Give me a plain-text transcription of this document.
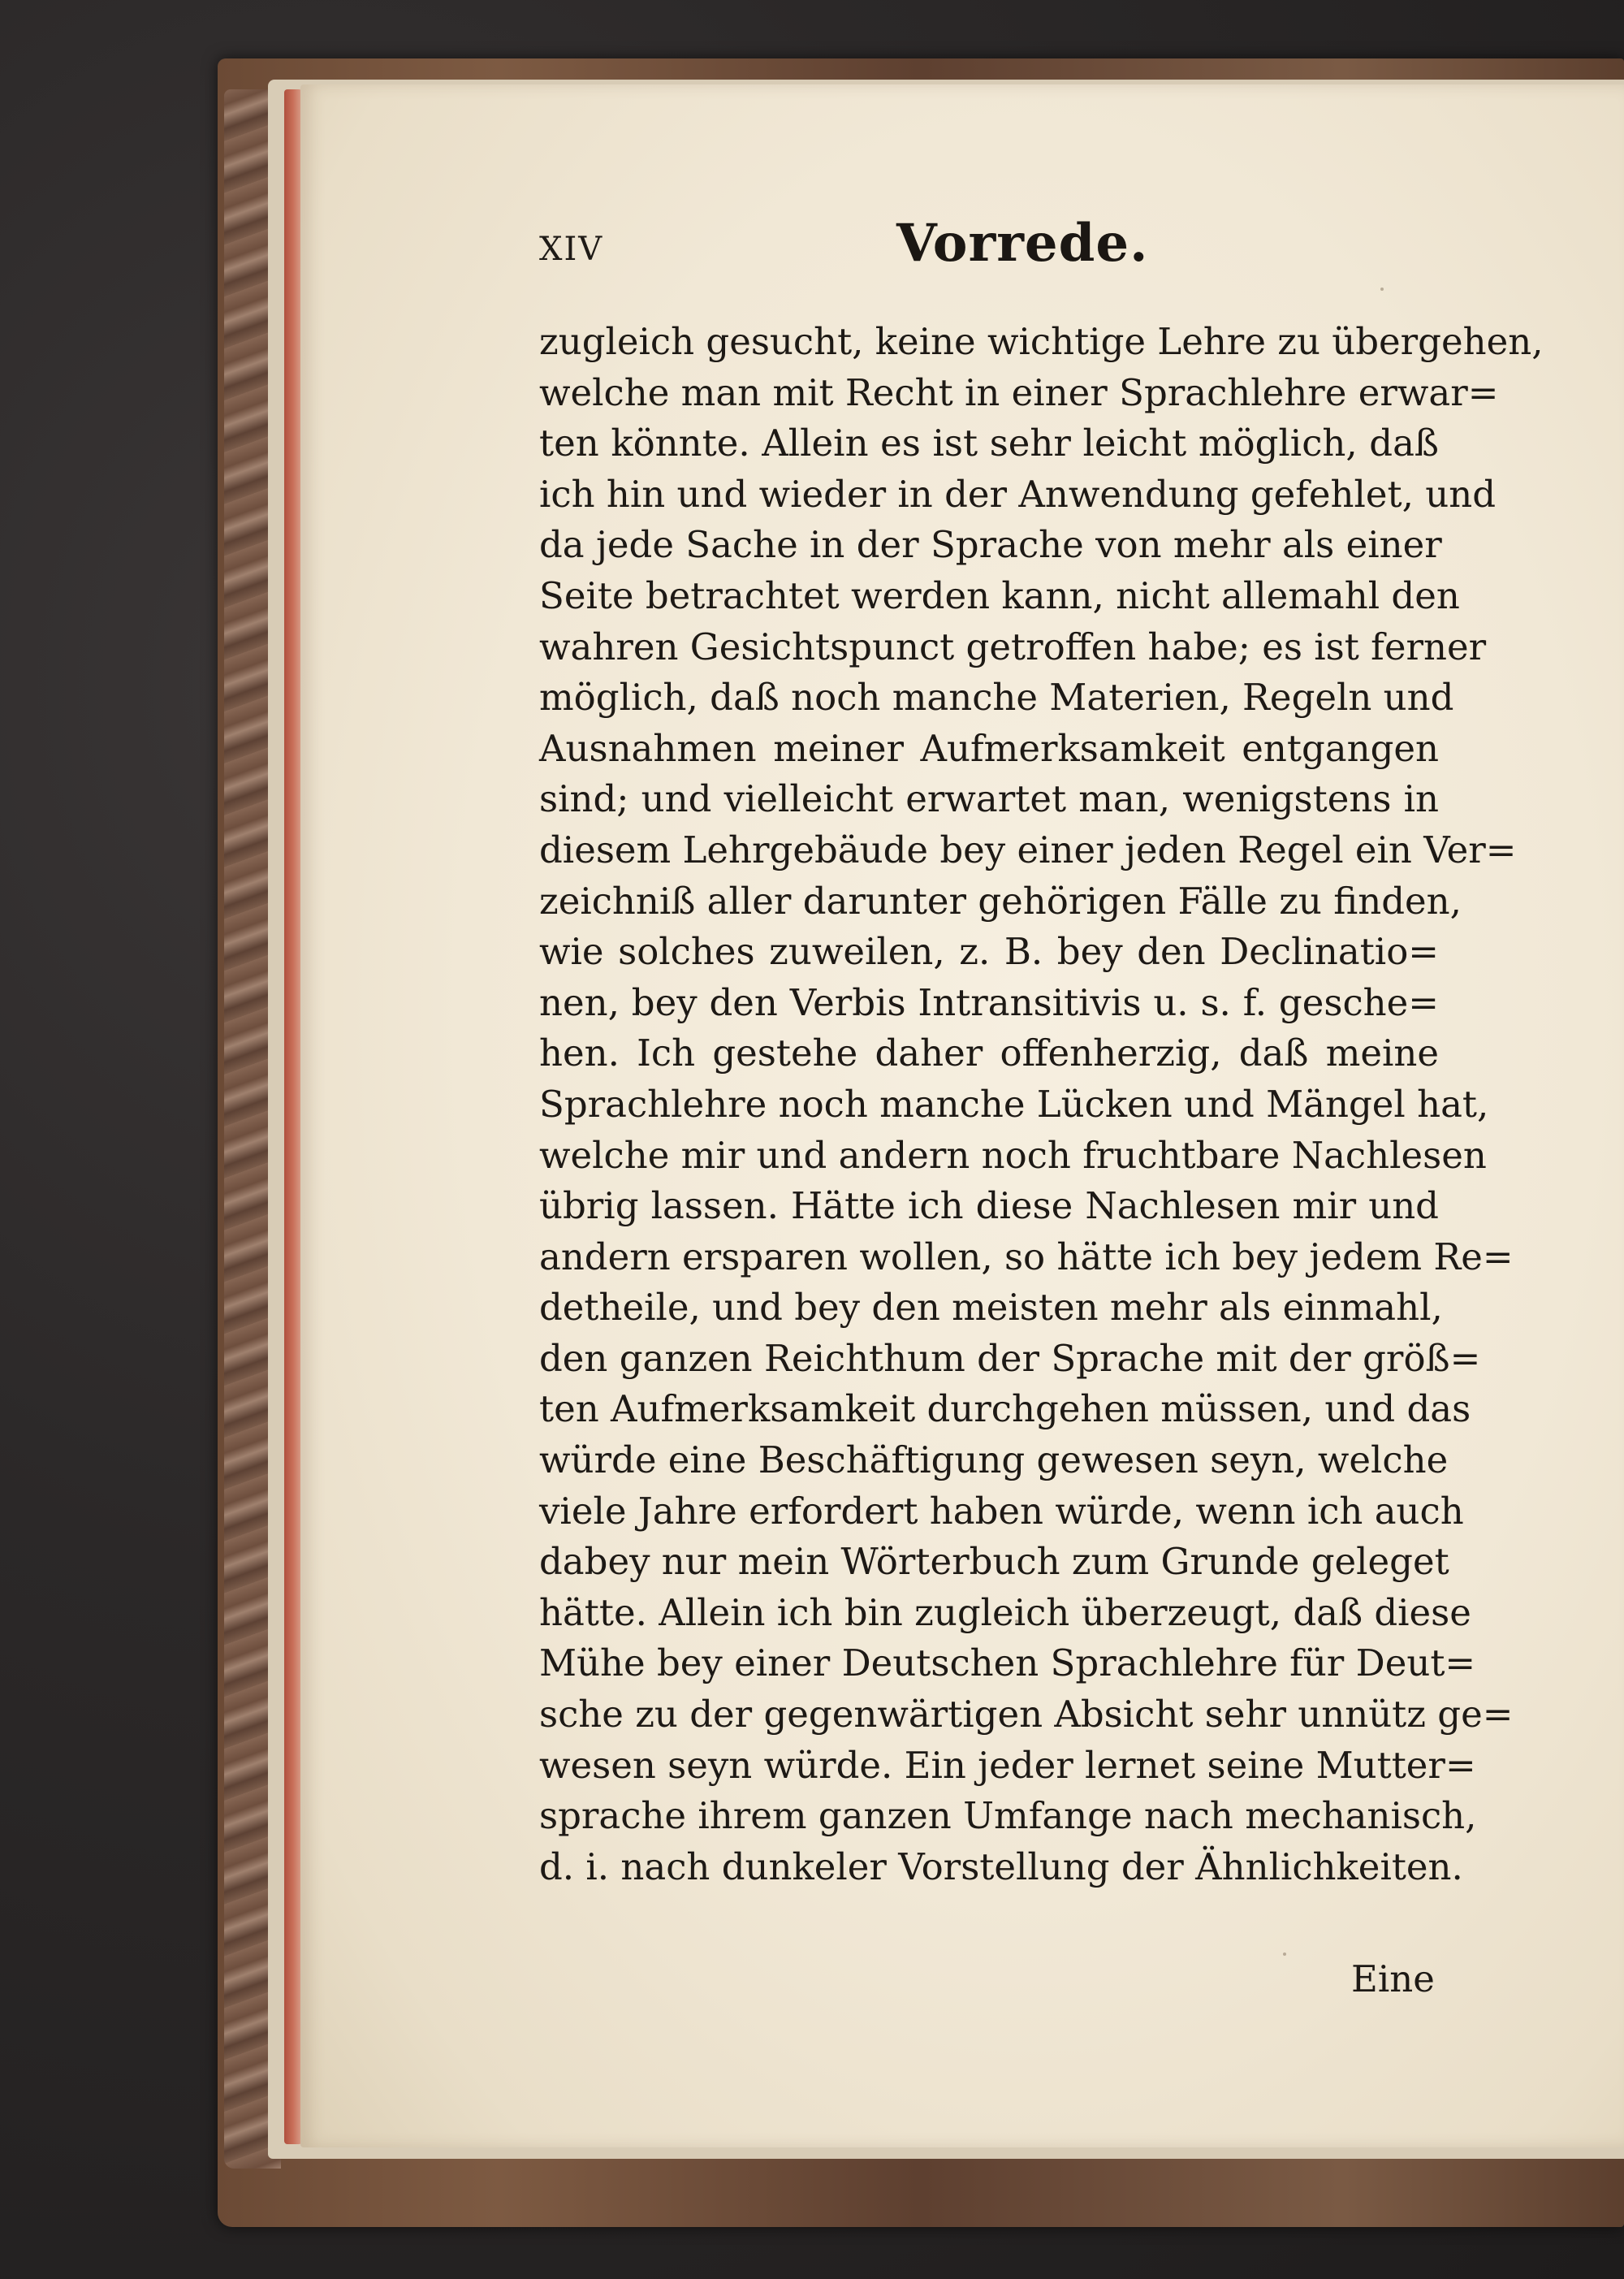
XIV	Vorrede.
zugleich gesucht, keine wichtige Lehre zu übergehen,
welche man mit Recht in einer Sprachlehre erwar=
ten könnte. Allein es ist sehr leicht möglich, daß
ich hin und wieder in der Anwendung gefehlet, und
da jede Sache in der Sprache von mehr als einer
Seite betrachtet werden kann, nicht allemahl den
wahren Gesichtspunct getroffen habe; es ist ferner
möglich, daß noch manche Materien, Regeln und
Ausnahmen meiner Aufmerksamkeit entgangen
sind; und vielleicht erwartet man, wenigstens in
diesem Lehrgebäude bey einer jeden Regel ein Ver=
zeichniß aller darunter gehörigen Fälle zu finden,
wie solches zuweilen, z. B. bey den Declinatio=
nen, bey den Verbis Intransitivis u. s. f. gesche=
hen. Ich gestehe daher offenherzig, daß meine
Sprachlehre noch manche Lücken und Mängel hat,
welche mir und andern noch fruchtbare Nachlesen
übrig lassen. Hätte ich diese Nachlesen mir und
andern ersparen wollen, so hätte ich bey jedem Re=
detheile, und bey den meisten mehr als einmahl,
den ganzen Reichthum der Sprache mit der größ=
ten Aufmerksamkeit durchgehen müssen, und das
würde eine Beschäftigung gewesen seyn, welche
viele Jahre erfordert haben würde, wenn ich auch
dabey nur mein Wörterbuch zum Grunde geleget
hätte. Allein ich bin zugleich überzeugt, daß diese
Mühe bey einer Deutschen Sprachlehre für Deut=
sche zu der gegenwärtigen Absicht sehr unnütz ge=
wesen seyn würde. Ein jeder lernet seine Mutter=
sprache ihrem ganzen Umfange nach mechanisch,
d. i. nach dunkeler Vorstellung der Ähnlichkeiten.
Eine
